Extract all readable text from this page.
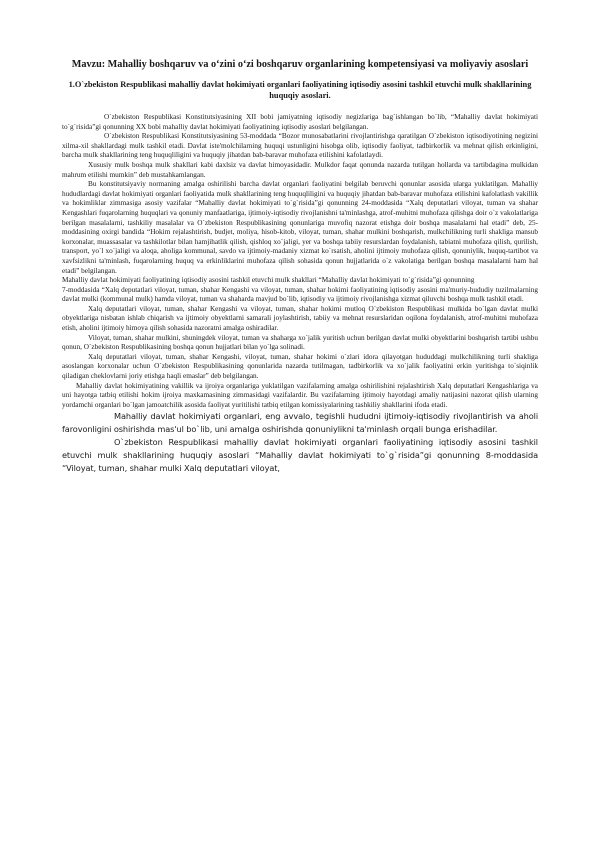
Mavzu: Mahalliy boshqaruv va o‘zini o‘zi boshqaruv organlarining kompetensiyasi va moliyaviy asoslari
1.O`zbekiston Respublikasi mahalliy davlat hokimiyati organlari faoliyatining iqtisodiy asosini tashkil etuvchi mulk shakllarining huquqiy asoslari.

O`zbekiston Respublikasi Konstitutsiyasining XII bobi jamiyatning iqtisodiy negizlariga bag`ishlangan bo`lib, “Mahalliy davlat hokimiyati to`g`risida”gi qonunning XX bobi mahalliy davlat hokimiyati faoliyatining iqtisodiy asoslari belgilangan.

O`zbekiston Respublikasi Konstitutsiyasining 53-moddada “Bozor munosabatlarini rivojlantirishga qaratilgan O`zbekiston iqtisodiyotining negizini xilma-xil shakllardagi mulk tashkil etadi. Davlat iste'molchilarning huquqi ustunligini hisobga olib, iqtisodiy faoliyat, tadbirkorlik va mehnat qilish erkinligini, barcha mulk shakllarining teng huquqliligini va huquqiy jihatdan bab-baravar muhofaza etilishini kafolatlaydi.

Xususiy mulk boshqa mulk shakllari kabi daxlsiz va davlat himoyasidadir. Mulkdor faqat qonunda nazarda tutilgan hollarda va tartibdagina mulkidan mahrum etilishi mumkin” deb mustahkamlangan.

Bu konstitutsiyaviy normaning amalga oshirilishi barcha davlat organlari faoliyatini belgilab beruvchi qonunlar asosida ularga yuklatilgan. Mahalliy hududlardagi davlat hokimiyati organlari faoliyatida mulk shakllarining teng huquqliligini va huquqiy jihatdan bab-baravar muhofaza etilishini kafolatlash vakillik va hokimliklar zimmasiga asosiy vazifalar “Mahalliy davlat hokimiyati to`g`risida”gi qonunning 24-moddasida “Xalq deputatlari viloyat, tuman va shahar Kengashlari fuqarolarning huquqlari va qonuniy manfaatlariga, ijtimoiy-iqtisodiy rivojlanishni ta'minlashga, atrof-muhitni muhofaza qilishga doir o`z vakolatlariga berilgan masalalarni, tashkiliy masalalar va O`zbekiston Respublikasining qonunlariga muvofiq nazorat etishga doir boshqa masalalarni hal etadi” deb, 25-moddasining oxirgi bandida “Hokim rejalashtirish, budjet, moliya, hisob-kitob, viloyat, tuman, shahar mulkini boshqarish, mulkchilikning turli shakliga mansub korxonalar, muassasalar va tashkilotlar bilan hamjihatlik qilish, qishloq xo`jaligi, yer va boshqa tabiiy resurslardan foydalanish, tabiatni muhofaza qilish, qurilish, transport, yo`l xo`jaligi va aloqa, aholiga kommunal, savdo va ijtimoiy-madaniy xizmat ko`rsatish, aholini ijtimoiy muhofaza qilish, qonuniylik, huquq-tartibot va xavfsizlikni ta'minlash, fuqarolarning huquq va erkinliklarini muhofaza qilish sohasida qonun hujjatlarida o`z vakolatiga berilgan boshqa masalalarni ham hal etadi” belgilangan.

Mahalliy davlat hokimiyati faoliyatining iqtisodiy asosini tashkil etuvchi mulk shakllari “Mahalliy davlat hokimiyati to`g`risida”gi qonunning

7-moddasida “Xalq deputatlari viloyat, tuman, shahar Kengashi va viloyat, tuman, shahar hokimi faoliyatining iqtisodiy asosini ma'muriy-hududiy tuzilmalarning davlat mulki (kommunal mulk) hamda viloyat, tuman va shaharda mavjud bo`lib, iqtisodiy va ijtimoiy rivojlanishga xizmat qiluvchi boshqa mulk tashkil etadi.

Xalq deputatlari viloyat, tuman, shahar Kengashi va viloyat, tuman, shahar hokimi mutloq O`zbekiston Respublikasi mulkida bo`lgan davlat mulki obyektlariga nisbatan ishlab chiqarish va ijtimoiy obyektlarni samarali joylashtirish, tabiiy va mehnat resurslaridan oqilona foydalanish, atrof-muhitni muhofaza etish, aholini ijtimoiy himoya qilish sohasida nazoratni amalga oshiradilar.

Viloyat, tuman, shahar mulkini, shuningdek viloyat, tuman va shaharga xo`jalik yuritish uchun berilgan davlat mulki obyektlarini boshqarish tartibi ushbu qonun, O`zbekiston Respublikasining boshqa qonun hujjatlari bilan yo`lga solinadi.

Xalq deputatlari viloyat, tuman, shahar Kengashi, viloyat, tuman, shahar hokimi o`zlari idora qilayotgan hududdagi mulkchilikning turli shakliga asoslangan korxonalar uchun O`zbekiston Respublikasining qonunlarida nazarda tutilmagan, tadbirkorlik va xo`jalik faoliyatini erkin yuritishga to`siqinlik qiladigan cheklovlarni joriy etishga haqli emaslar” deb belgilangan.

Mahalliy davlat hokimiyatining vakillik va ijroiya organlariga yuklatilgan vazifalarning amalga oshirilishini rejalashtirish Xalq deputatlari Kengashlariga va uni hayotga tatbiq etilishi hokim ijroiya maxkamasining zimmasidagi vazifalardir. Bu vazifalarning ijtimoiy hayotdagi amaliy natijasini nazorat qilish ularning yordamchi organlari bo`lgan jamoatchilik asosida faoliyat yuritilishi tatbiq etilgan komissiyalarining tashkiliy shakllarini ifoda etadi.

Mahalliy davlat hokimiyati organlari, eng avvalo, tegishli hududni ijtimoiy-iqtisodiy rivojlantirish va aholi farovonligini oshirishda mas'ul bo`lib, uni amalga oshirishda qonuniylikni ta'minlash orqali bunga erishadilar.

O`zbekiston Respublikasi mahalliy davlat hokimiyati organlari faoliyatining iqtisodiy asosini tashkil etuvchi mulk shakllarining huquqiy asoslari “Mahalliy davlat hokimiyati to`g`risida”gi qonunning 8-moddasida “Viloyat, tuman, shahar mulki Xalq deputatlari viloyat,
